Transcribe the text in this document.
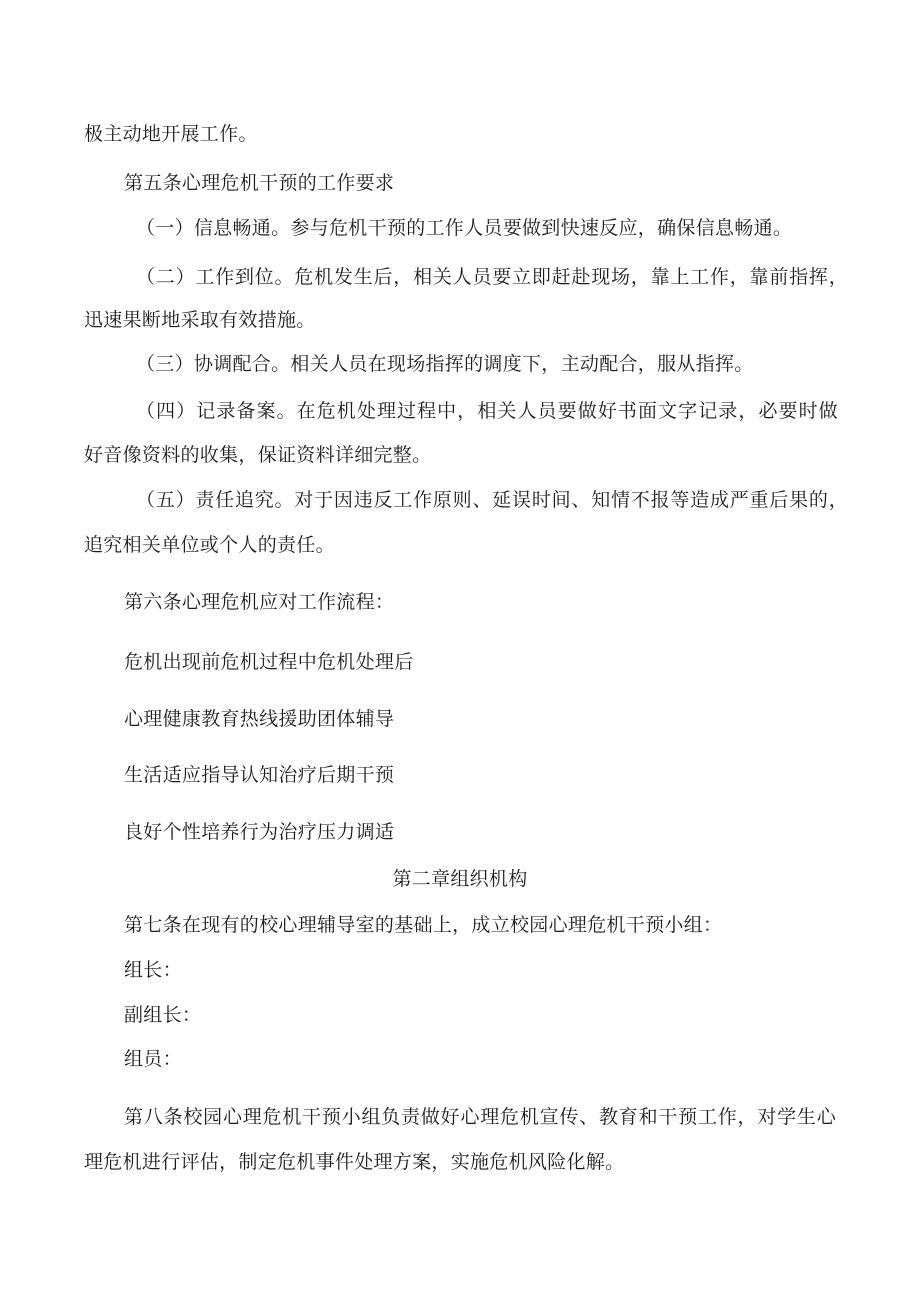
极主动地开展工作。
第五条心理危机干预的工作要求
（一）信息畅通。参与危机干预的工作人员要做到快速反应，确保信息畅通。
（二）工作到位。危机发生后，相关人员要立即赶赴现场，靠上工作，靠前指挥，
迅速果断地采取有效措施。
（三）协调配合。相关人员在现场指挥的调度下，主动配合，服从指挥。
（四）记录备案。在危机处理过程中，相关人员要做好书面文字记录，必要时做
好音像资料的收集，保证资料详细完整。
（五）责任追究。对于因违反工作原则、延误时间、知情不报等造成严重后果的，
追究相关单位或个人的责任。
第六条心理危机应对工作流程：
危机出现前危机过程中危机处理后
心理健康教育热线援助团体辅导
生活适应指导认知治疗后期干预
良好个性培养行为治疗压力调适
第二章组织机构
第七条在现有的校心理辅导室的基础上，成立校园心理危机干预小组：
组长：
副组长：
组员：
第八条校园心理危机干预小组负责做好心理危机宣传、教育和干预工作，对学生心
理危机进行评估，制定危机事件处理方案，实施危机风险化解。
